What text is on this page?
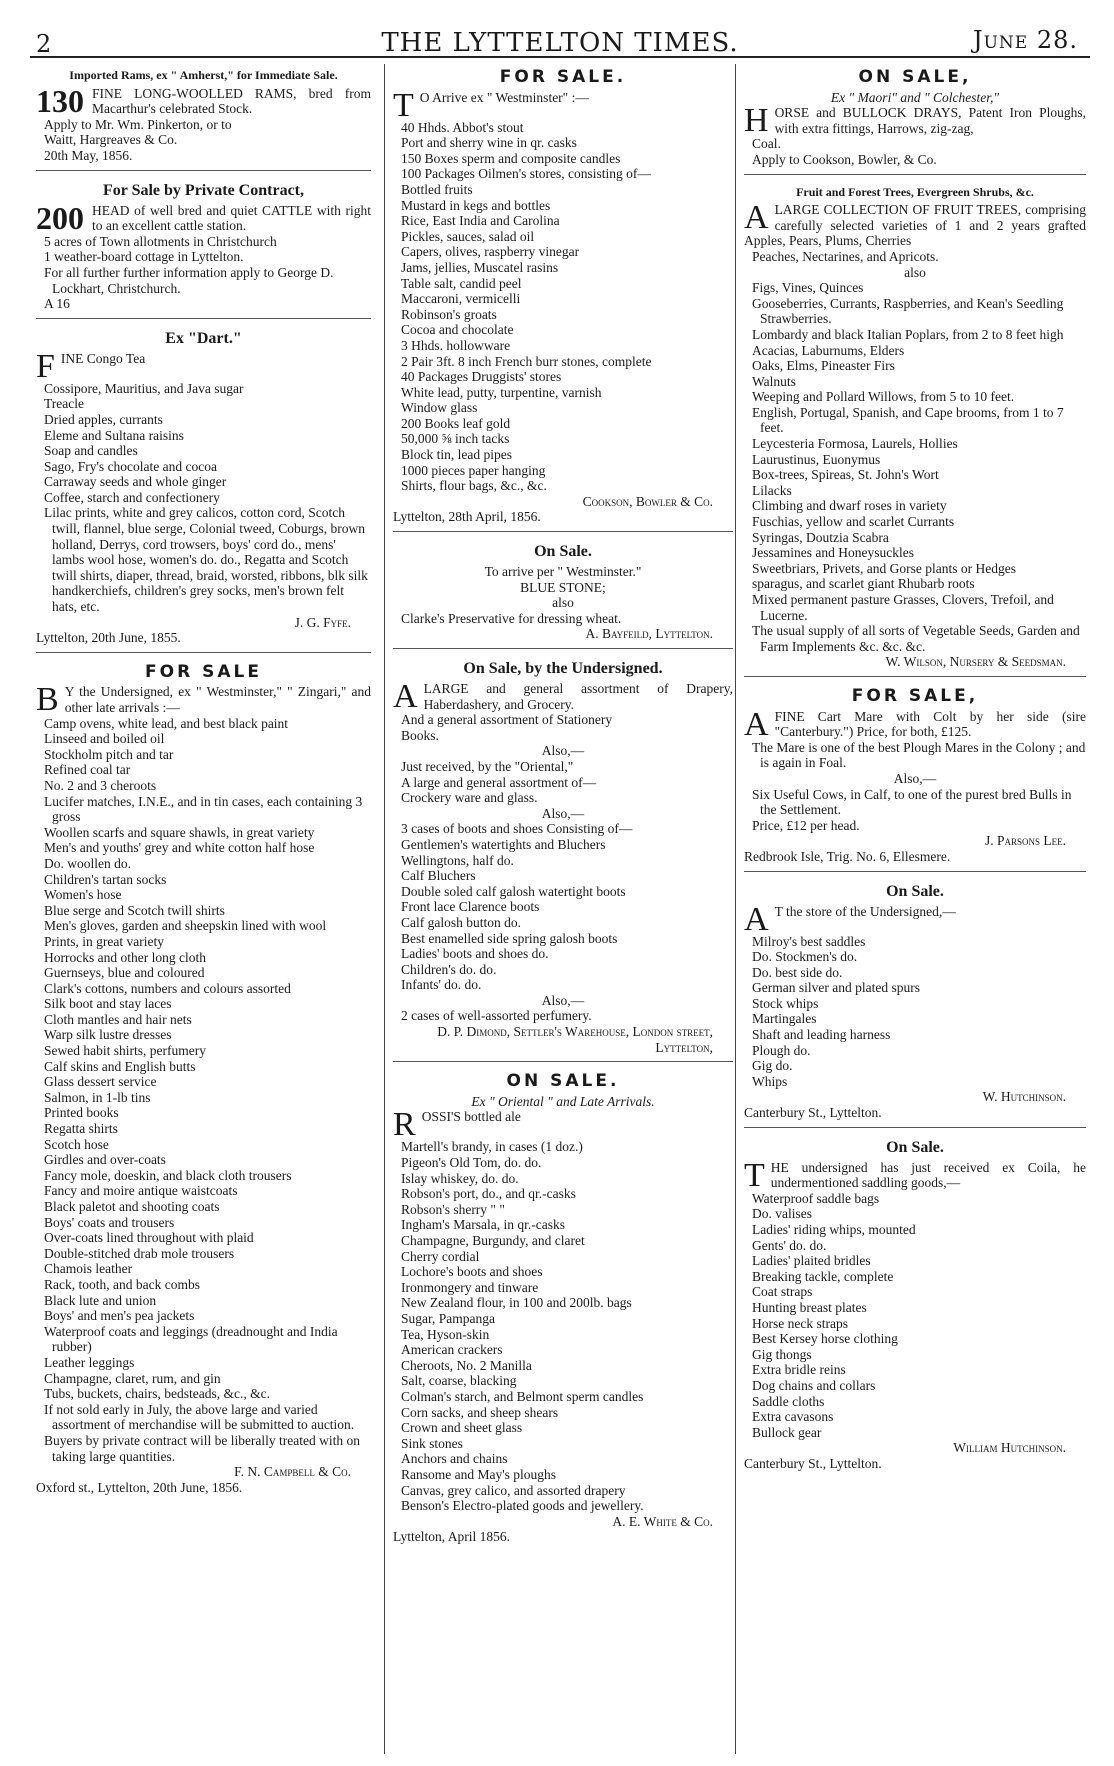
2	THE LYTTELTON TIMES.	June 28.
Imported Rams, ex " Amherst," for Immediate Sale.
130 FINE LONG-WOOLLED RAMS, bred from Macarthur's celebrated Stock.
Apply to Mr. Wm. Pinkerton, or to
Waitt, Hargreaves & Co.
20th May, 1856.
For Sale by Private Contract,
200 HEAD of well bred and quiet CATTLE with right to an excellent cattle station.
5 acres of Town allotments in Christchurch
1 weather-board cottage in Lyttelton.
For all further further information apply to George D. Lockhart, Christchurch.
A 16
Ex "Dart."
F INE Congo Tea
Cossipore, Mauritius, and Java sugar
Treacle
Dried apples, currants
Eleme and Sultana raisins
Soap and candles
Sago, Fry's chocolate and cocoa
Carraway seeds and whole ginger
Coffee, starch and confectionery
Lilac prints, white and grey calicos, cotton cord, Scotch twill, flannel, blue serge, Colonial tweed, Coburgs, brown holland, Derrys, cord trowsers, boys' cord do., mens' lambs wool hose, women's do. do., Regatta and Scotch twill shirts, diaper, thread, braid, worsted, ribbons, blk silk handkerchiefs, children's grey socks, men's brown felt hats, etc.
J. G. Fyfe.
Lyttelton, 20th June, 1855.
FOR SALE
B Y the Undersigned, ex " Westminster," " Zingari," and other late arrivals :—
Camp ovens, white lead, and best black paint
Linseed and boiled oil
Stockholm pitch and tar
Refined coal tar
No. 2 and 3 cheroots
Lucifer matches, I.N.E., and in tin cases, each containing 3 gross
Woollen scarfs and square shawls, in great variety
Men's and youths' grey and white cotton half hose
Do. woollen do.
Children's tartan socks
Women's hose
Blue serge and Scotch twill shirts
Men's gloves, garden and sheepskin lined with wool
Prints, in great variety
Horrocks and other long cloth
Guernseys, blue and coloured
Clark's cottons, numbers and colours assorted
Silk boot and stay laces
Cloth mantles and hair nets
Warp silk lustre dresses
Sewed habit shirts, perfumery
Calf skins and English butts
Glass dessert service
Salmon, in 1-lb tins
Printed books
Regatta shirts
Scotch hose
Girdles and over-coats
Fancy mole, doeskin, and black cloth trousers
Fancy and moire antique waistcoats
Black paletot and shooting coats
Boys' coats and trousers
Over-coats lined throughout with plaid
Double-stitched drab mole trousers
Chamois leather
Rack, tooth, and back combs
Black lute and union
Boys' and men's pea jackets
Waterproof coats and leggings (dreadnought and India rubber)
Leather leggings
Champagne, claret, rum, and gin
Tubs, buckets, chairs, bedsteads, &c., &c.
If not sold early in July, the above large and varied assortment of merchandise will be submitted to auction.
Buyers by private contract will be liberally treated with on taking large quantities.
F. N. Campbell & Co.
Oxford st., Lyttelton, 20th June, 1856.
FOR SALE.
T O Arrive ex " Westminster" :—
40 Hhds. Abbot's stout
Port and sherry wine in qr. casks
150 Boxes sperm and composite candles
100 Packages Oilmen's stores, consisting of—
Bottled fruits
Mustard in kegs and bottles
Rice, East India and Carolina
Pickles, sauces, salad oil
Capers, olives, raspberry vinegar
Jams, jellies, Muscatel rasins
Table salt, candid peel
Maccaroni, vermicelli
Robinson's groats
Cocoa and chocolate
3 Hhds. hollowware
2 Pair 3ft. 8 inch French burr stones, complete
40 Packages Druggists' stores
White lead, putty, turpentine, varnish
Window glass
200 Books leaf gold
50,000 ⅝ inch tacks
Block tin, lead pipes
1000 pieces paper hanging
Shirts, flour bags, &c., &c.
Cookson, Bowler & Co.
Lyttelton, 28th April, 1856.
On Sale.
To arrive per " Westminster."
BLUE STONE;
also
Clarke's Preservative for dressing wheat.
A. Bayfeild, Lyttelton.
On Sale, by the Undersigned.
A LARGE and general assortment of Drapery, Haberdashery, and Grocery.
And a general assortment of Stationery
Books.
Also,—
Just received, by the "Oriental,"
A large and general assortment of—
Crockery ware and glass.
Also,—
3 cases of boots and shoes Consisting of—
Gentlemen's watertights and Bluchers
Wellingtons, half do.
Calf Bluchers
Double soled calf galosh watertight boots
Front lace Clarence boots
Calf galosh button do.
Best enamelled side spring galosh boots
Ladies' boots and shoes do.
Children's do. do.
Infants' do. do.
Also,—
2 cases of well-assorted perfumery.
D. P. Dimond, Settler's Warehouse, London street, Lyttelton,
ON SALE.
Ex " Oriental " and Late Arrivals.
R OSSI'S bottled ale
Martell's brandy, in cases (1 doz.)
Pigeon's Old Tom, do. do.
Islay whiskey, do. do.
Robson's port, do., and qr.-casks
Robson's sherry " "
Ingham's Marsala, in qr.-casks
Champagne, Burgundy, and claret
Cherry cordial
Lochore's boots and shoes
Ironmongery and tinware
New Zealand flour, in 100 and 200lb. bags
Sugar, Pampanga
Tea, Hyson-skin
American crackers
Cheroots, No. 2 Manilla
Salt, coarse, blacking
Colman's starch, and Belmont sperm candles
Corn sacks, and sheep shears
Crown and sheet glass
Sink stones
Anchors and chains
Ransome and May's ploughs
Canvas, grey calico, and assorted drapery
Benson's Electro-plated goods and jewellery.
A. E. White & Co.
Lyttelton, April 1856.
ON SALE,
Ex " Maori" and " Colchester,"
H ORSE and BULLOCK DRAYS, Patent Iron Ploughs, with extra fittings, Harrows, zig-zag,
Coal.
Apply to Cookson, Bowler, & Co.
Fruit and Forest Trees, Evergreen Shrubs, &c.
A LARGE COLLECTION OF FRUIT TREES, comprising carefully selected varieties of 1 and 2 years grafted Apples, Pears, Plums, Cherries
Peaches, Nectarines, and Apricots.
also
Figs, Vines, Quinces
Gooseberries, Currants, Raspberries, and Kean's Seedling Strawberries.
Lombardy and black Italian Poplars, from 2 to 8 feet high
Acacias, Laburnums, Elders
Oaks, Elms, Pineaster Firs
Walnuts
Weeping and Pollard Willows, from 5 to 10 feet.
English, Portugal, Spanish, and Cape brooms, from 1 to 7 feet.
Leycesteria Formosa, Laurels, Hollies
Laurustinus, Euonymus
Box-trees, Spireas, St. John's Wort
Lilacks
Climbing and dwarf roses in variety
Fuschias, yellow and scarlet Currants
Syringas, Doutzia Scabra
Jessamines and Honeysuckles
Sweetbriars, Privets, and Gorse plants or Hedges
sparagus, and scarlet giant Rhubarb roots
Mixed permanent pasture Grasses, Clovers, Trefoil, and Lucerne.
The usual supply of all sorts of Vegetable Seeds, Garden and Farm Implements &c. &c. &c.
W. Wilson, Nursery & Seedsman.
FOR SALE,
A FINE Cart Mare with Colt by her side (sire "Canterbury.") Price, for both, £125.
The Mare is one of the best Plough Mares in the Colony ; and is again in Foal.
Also,—
Six Useful Cows, in Calf, to one of the purest bred Bulls in the Settlement.
Price, £12 per head.
J. Parsons Lee.
Redbrook Isle, Trig. No. 6, Ellesmere.
On Sale.
A T the store of the Undersigned,—
Milroy's best saddles
Do. Stockmen's do.
Do. best side do.
German silver and plated spurs
Stock whips
Martingales
Shaft and leading harness
Plough do.
Gig do.
Whips
W. Hutchinson.
Canterbury St., Lyttelton.
On Sale.
T HE undersigned has just received ex Coila, he undermentioned saddling goods,—
Waterproof saddle bags
Do. valises
Ladies' riding whips, mounted
Gents' do. do.
Ladies' plaited bridles
Breaking tackle, complete
Coat straps
Hunting breast plates
Horse neck straps
Best Kersey horse clothing
Gig thongs
Extra bridle reins
Dog chains and collars
Saddle cloths
Extra cavasons
Bullock gear
William Hutchinson.
Canterbury St., Lyttelton.
